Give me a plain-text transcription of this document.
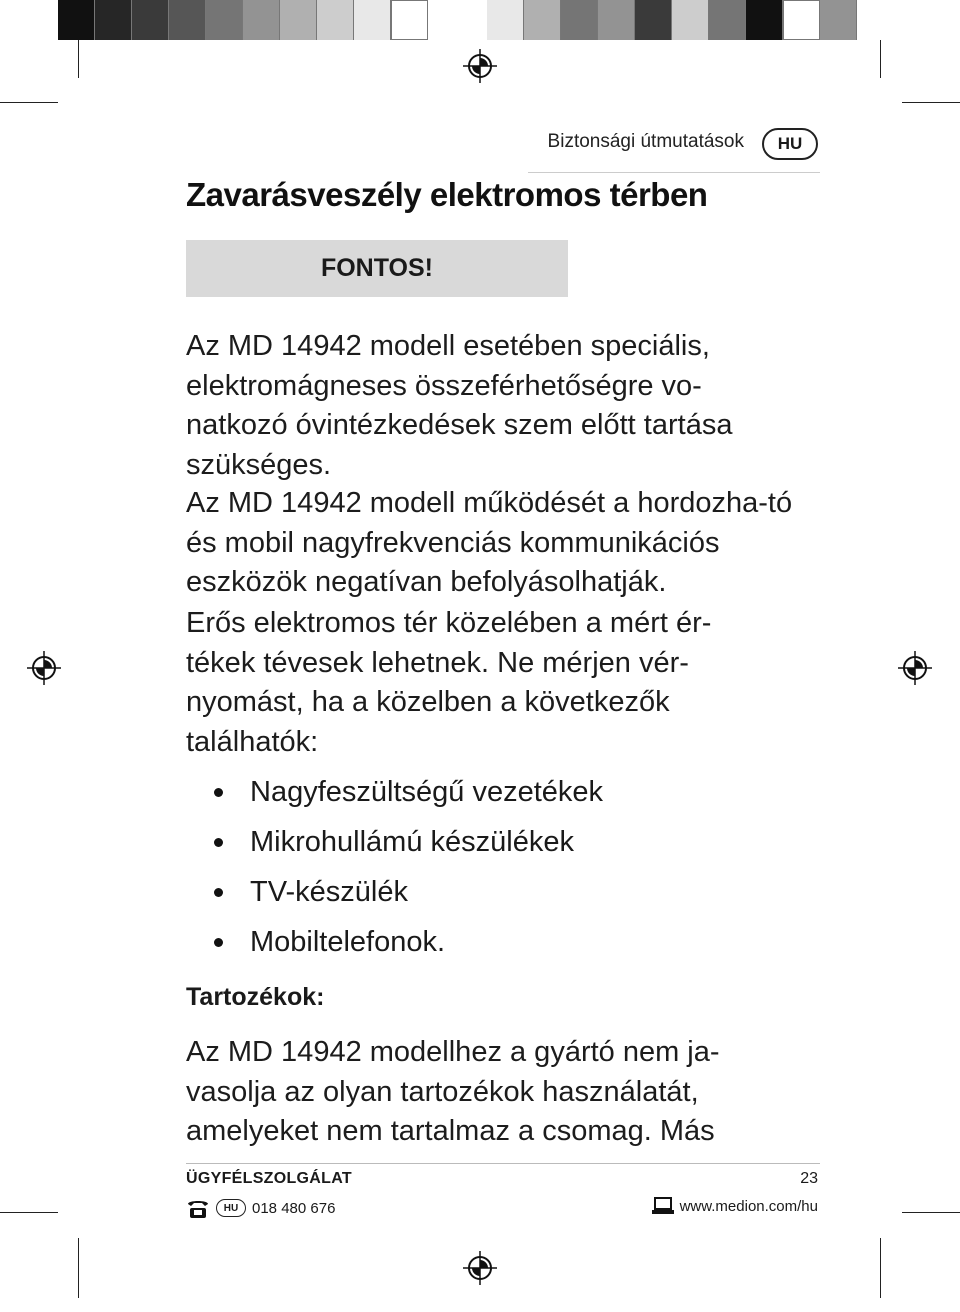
Biztonsági útmutatások	HU
Zavarásveszély elektromos térben
FONTOS!
Az MD 14942 modell esetében speciális, elektromágneses összeférhetőségre vo-natkozó óvintézkedések szem előtt tartása szükséges.
Az MD 14942 modell működését a hordozha-tó és mobil nagyfrekvenciás kommunikációs eszközök negatívan befolyásolhatják.
Erős elektromos tér közelében a mért ér-tékek tévesek lehetnek. Ne mérjen vér-nyomást, ha a közelben a következők találhatók:
Nagyfeszültségű vezetékek
Mikrohullámú készülékek
TV-készülék
Mobiltelefonok.
Tartozékok:
Az MD 14942 modellhez a gyártó nem ja-vasolja az olyan tartozékok használatát, amelyeket nem tartalmaz a csomag. Más
ÜGYFÉLSZOLGÁLAT	23
HU 018 480 676	www.medion.com/hu
